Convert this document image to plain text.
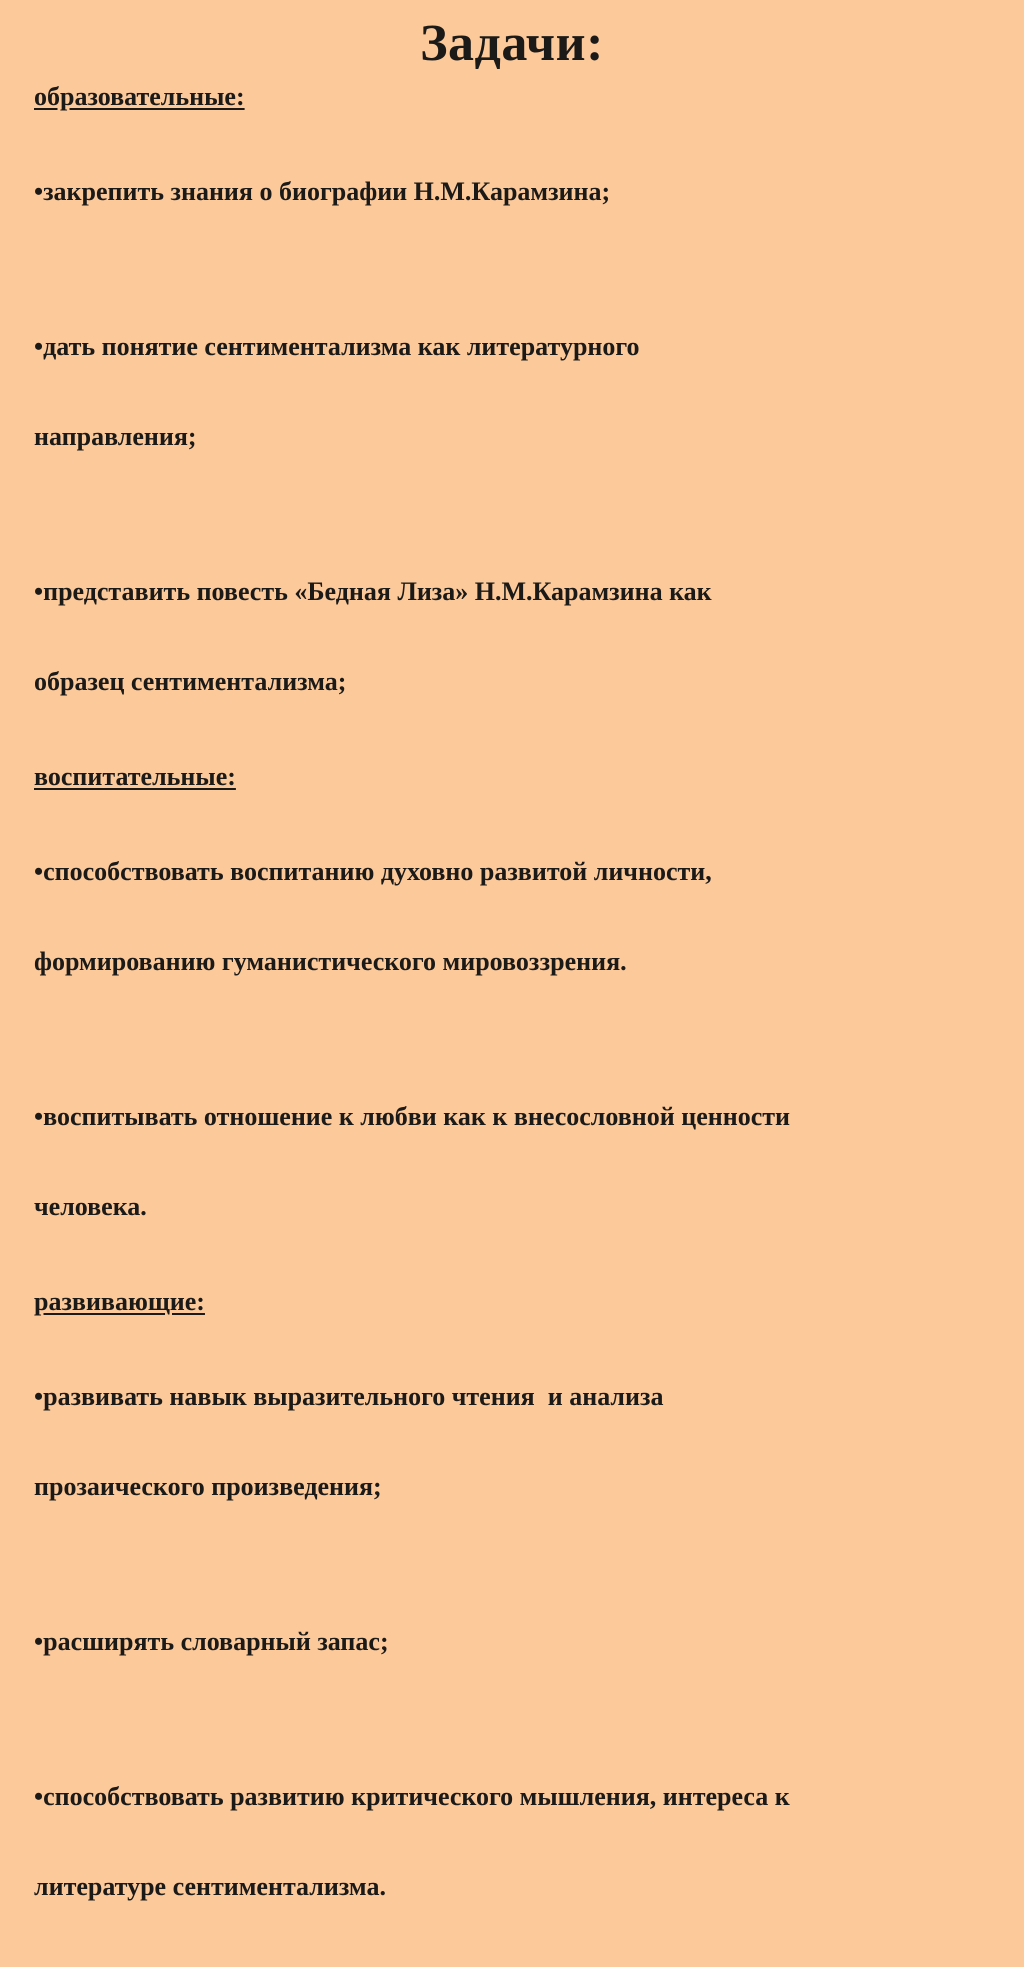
Задачи:
образовательные:

•закрепить знания о биографии Н.М.Карамзина;

•дать понятие сентиментализма как литературного

направления;

•представить повесть «Бедная Лиза» Н.М.Карамзина как

образец сентиментализма;

воспитательные:

•способствовать воспитанию духовно развитой личности,

формированию гуманистического мировоззрения.

•воспитывать отношение к любви как к внесословной ценности

человека.

развивающие:

•развивать навык выразительного чтения  и анализа

прозаического произведения;

•расширять словарный запас;

•способствовать развитию критического мышления, интереса к

литературе сентиментализма.
